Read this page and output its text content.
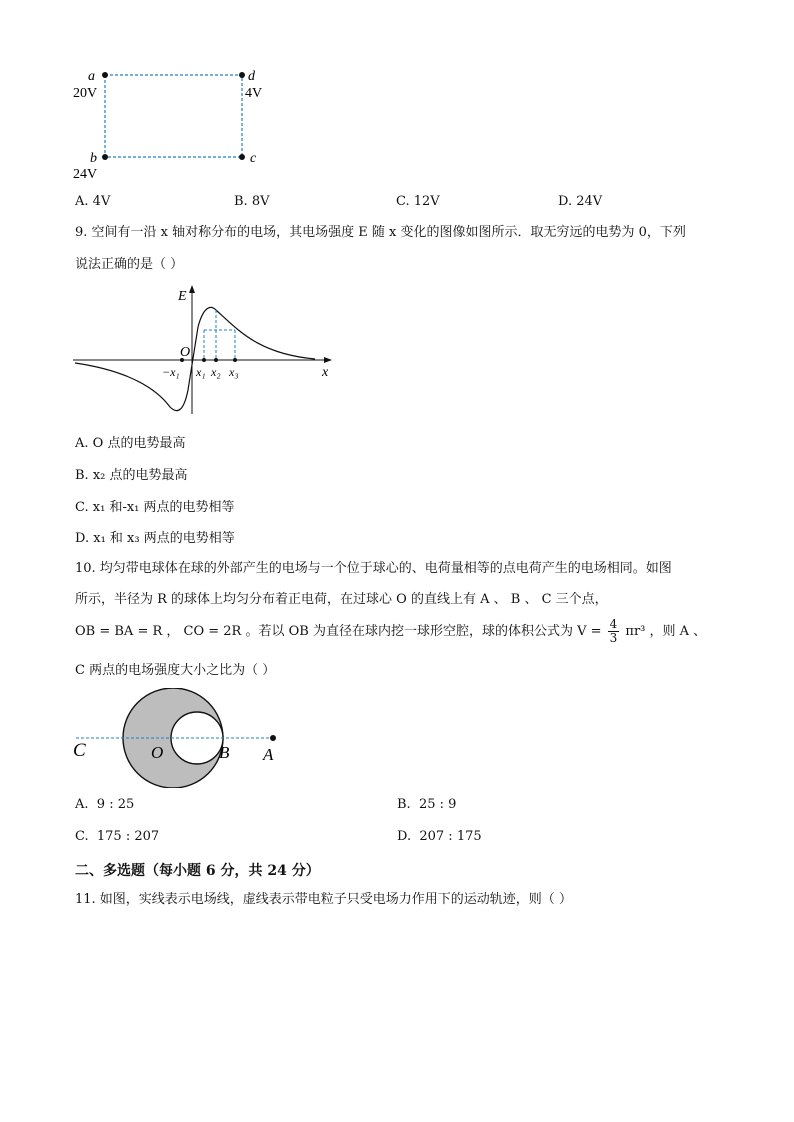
a	d
b	c
20V	4V
24V
A. 4V	B. 8V	C. 12V	D. 24V
9. 空间有一沿 x 轴对称分布的电场，其电场强度 E 随 x 变化的图像如图所示．取无穷远的电势为 0，下列
说法正确的是（ ）
E
O
x
−x₁ x₁ x₂ x₃
A. O 点的电势最高
B. x₂ 点的电势最高
C. x₁ 和-x₁ 两点的电势相等
D. x₁ 和 x₃ 两点的电势相等
10. 均匀带电球体在球的外部产生的电场与一个位于球心的、电荷量相等的点电荷产生的电场相同。如图
所示，半径为 R 的球体上均匀分布着正电荷，在过球心 O 的直线上有 A 、 B 、 C 三个点，
OB = BA = R ， CO = 2R 。若以 OB 为直径在球内挖一球形空腔，球的体积公式为 $V = \frac{4}{3} \pi r^3$ ，则 A 、
C 两点的电场强度大小之比为（ ）
C	O	B A
A. 9 : 25	B. 25 : 9
C. 175 : 207	D. 207 : 175
二、多选题（每小题 6 分，共 24 分）
11. 如图，实线表示电场线，虚线表示带电粒子只受电场力作用下的运动轨迹，则（ ）
